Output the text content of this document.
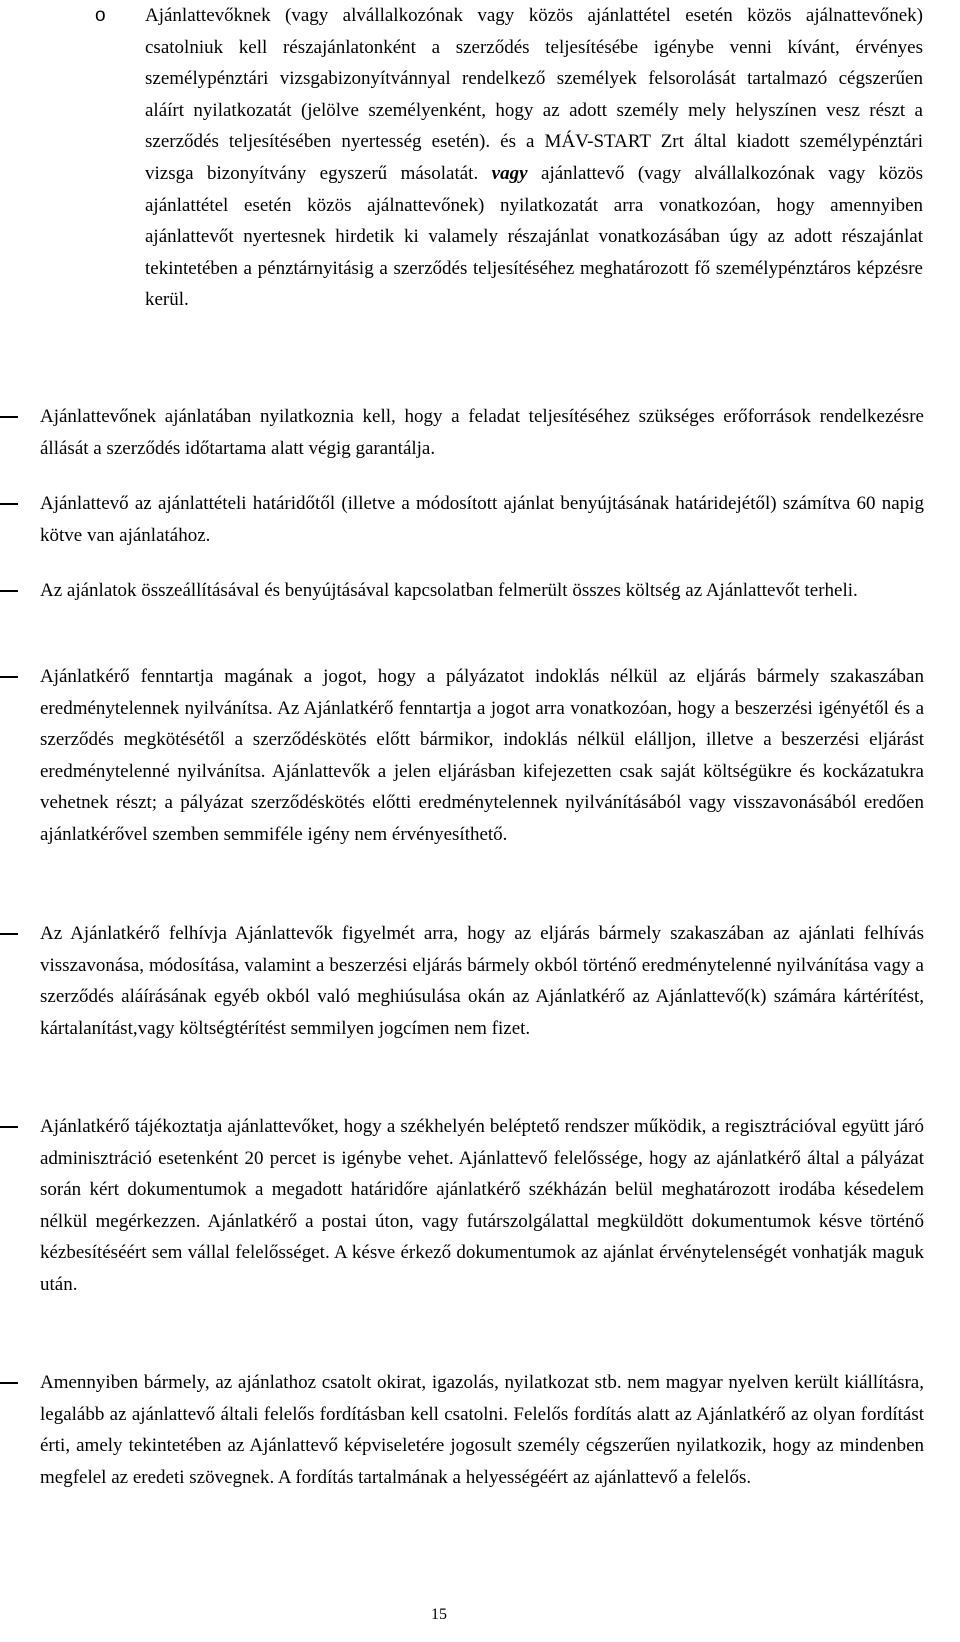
o Ajánlattevőknek (vagy alvállalkozónak vagy közös ajánlattétel esetén közös ajálnattevőnek) csatolniuk kell részajánlatonként a szerződés teljesítésébe igénybe venni kívánt, érvényes személypénztári vizsgabizonyítvánnyal rendelkező személyek felsorolását tartalmazó cégszerűen aláírt nyilatkozatát (jelölve személyenként, hogy az adott személy mely helyszínen vesz részt a szerződés teljesítésében nyertesség esetén). és a MÁV-START Zrt által kiadott személypénztári vizsga bizonyítvány egyszerű másolatát. vagy ajánlattevő (vagy alvállalkozónak vagy közös ajánlattétel esetén közös ajálnattevőnek) nyilatkozatát arra vonatkozóan, hogy amennyiben ajánlattevőt nyertesnek hirdetik ki valamely részajánlat vonatkozásában úgy az adott részajánlat tekintetében a pénztárnyitásig a szerződés teljesítéséhez meghatározott fő személypénztáros képzésre kerül.
Ajánlattevőnek ajánlatában nyilatkoznia kell, hogy a feladat teljesítéséhez szükséges erőforrások rendelkezésre állását a szerződés időtartama alatt végig garantálja.
Ajánlattevő az ajánlattételi határidőtől (illetve a módosított ajánlat benyújtásának határidejétől) számítva 60 napig kötve van ajánlatához.
Az ajánlatok összeállításával és benyújtásával kapcsolatban felmerült összes költség az Ajánlattevőt terheli.
Ajánlatkérő fenntartja magának a jogot, hogy a pályázatot indoklás nélkül az eljárás bármely szakaszában eredménytelennek nyilvánítsa. Az Ajánlatkérő fenntartja a jogot arra vonatkozóan, hogy a beszerzési igényétől és a szerződés megkötésétől a szerződéskötés előtt bármikor, indoklás nélkül elálljon, illetve a beszerzési eljárást eredménytelenné nyilvánítsa. Ajánlattevők a jelen eljárásban kifejezetten csak saját költségükre és kockázatukra vehetnek részt; a pályázat szerződéskötés előtti eredménytelennek nyilvánításából vagy visszavonásából eredően ajánlatkérővel szemben semmiféle igény nem érvényesíthető.
Az Ajánlatkérő felhívja Ajánlattevők figyelmét arra, hogy az eljárás bármely szakaszában az ajánlati felhívás visszavonása, módosítása, valamint a beszerzési eljárás bármely okból történő eredménytelenné nyilvánítása vagy a szerződés aláírásának egyéb okból való meghiúsulása okán az Ajánlatkérő az Ajánlattevő(k) számára kártérítést, kártalanítást,vagy költségtérítést semmilyen jogcímen nem fizet.
Ajánlatkérő tájékoztatja ajánlattevőket, hogy a székhelyén beléptető rendszer működik, a regisztrációval együtt járó adminisztráció esetenként 20 percet is igénybe vehet. Ajánlattevő felelőssége, hogy az ajánlatkérő által a pályázat során kért dokumentumok a megadott határidőre ajánlatkérő székházán belül meghatározott irodába késedelem nélkül megérkezzen. Ajánlatkérő a postai úton, vagy futárszolgálattal megküldött dokumentumok késve történő kézbesítéséért sem vállal felelősséget. A késve érkező dokumentumok az ajánlat érvénytelenségét vonhatják maguk után.
Amennyiben bármely, az ajánlathoz csatolt okirat, igazolás, nyilatkozat stb. nem magyar nyelven került kiállításra, legalább az ajánlattevő általi felelős fordításban kell csatolni. Felelős fordítás alatt az Ajánlatkérő az olyan fordítást érti, amely tekintetében az Ajánlattevő képviseletére jogosult személy cégszerűen nyilatkozik, hogy az mindenben megfelel az eredeti szövegnek. A fordítás tartalmának a helyességéért az ajánlattevő a felelős.
15
